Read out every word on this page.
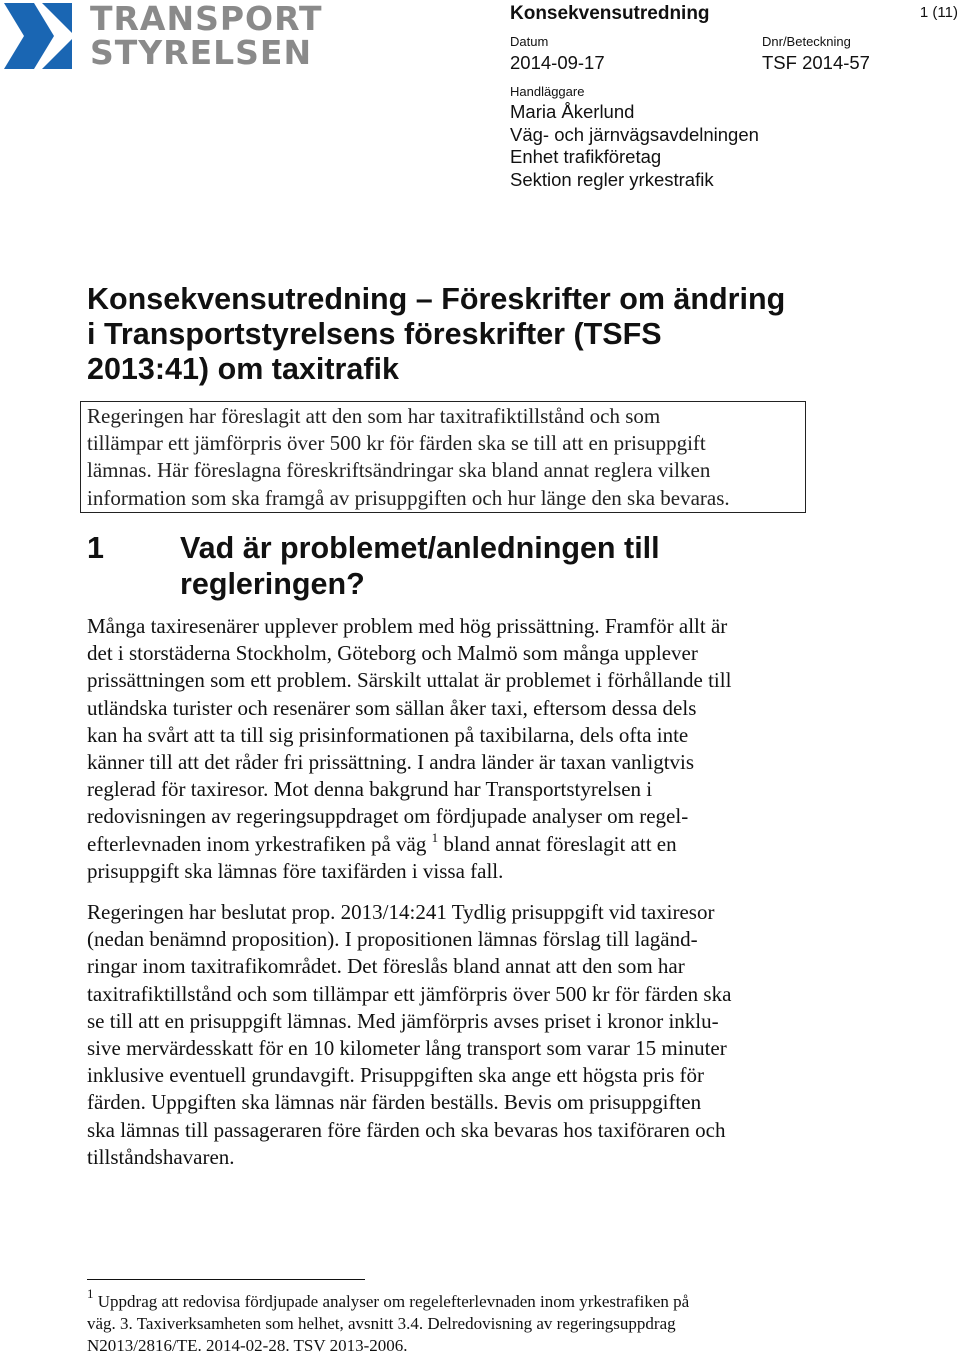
TRANSPORT
STYRELSEN
Konsekvensutredning	1 (11)
Datum
2014-09-17
Dnr/Beteckning
TSF 2014-57
Handläggare
Maria Åkerlund
Väg- och järnvägsavdelningen
Enhet trafikföretag
Sektion regler yrkestrafik
Konsekvensutredning – Föreskrifter om ändring
i Transportstyrelsens föreskrifter (TSFS
2013:41) om taxitrafik
Regeringen har föreslagit att den som har taxitrafiktillstånd och som
tillämpar ett jämförpris över 500 kr för färden ska se till att en prisuppgift
lämnas. Här föreslagna föreskriftsändringar ska bland annat reglera vilken
information som ska framgå av prisuppgiften och hur länge den ska bevaras.
1 Vad är problemet/anledningen till
regleringen?
Många taxiresenärer upplever problem med hög prissättning. Framför allt är
det i storstäderna Stockholm, Göteborg och Malmö som många upplever
prissättningen som ett problem. Särskilt uttalat är problemet i förhållande till
utländska turister och resenärer som sällan åker taxi, eftersom dessa dels
kan ha svårt att ta till sig prisinformationen på taxibilarna, dels ofta inte
känner till att det råder fri prissättning. I andra länder är taxan vanligtvis
reglerad för taxiresor. Mot denna bakgrund har Transportstyrelsen i
redovisningen av regeringsuppdraget om fördjupade analyser om regel-
efterlevnaden inom yrkestrafiken på väg $^1$ bland annat föreslagit att en
prisuppgift ska lämnas före taxifärden i vissa fall.
Regeringen har beslutat prop. 2013/14:241 Tydlig prisuppgift vid taxiresor
(nedan benämnd proposition). I propositionen lämnas förslag till lagänd-
ringar inom taxitrafikområdet. Det föreslås bland annat att den som har
taxitrafiktillstånd och som tillämpar ett jämförpris över 500 kr för färden ska
se till att en prisuppgift lämnas. Med jämförpris avses priset i kronor inklu-
sive mervärdesskatt för en 10 kilometer lång transport som varar 15 minuter
inklusive eventuell grundavgift. Prisuppgiften ska ange ett högsta pris för
färden. Uppgiften ska lämnas när färden beställs. Bevis om prisuppgiften
ska lämnas till passageraren före färden och ska bevaras hos taxiföraren och
tillståndshavaren.
$^1$ Uppdrag att redovisa fördjupade analyser om regelefterlevnaden inom yrkestrafiken på
väg. 3. Taxiverksamheten som helhet, avsnitt 3.4. Delredovisning av regeringsuppdrag
N2013/2816/TE. 2014-02-28. TSV 2013-2006.
